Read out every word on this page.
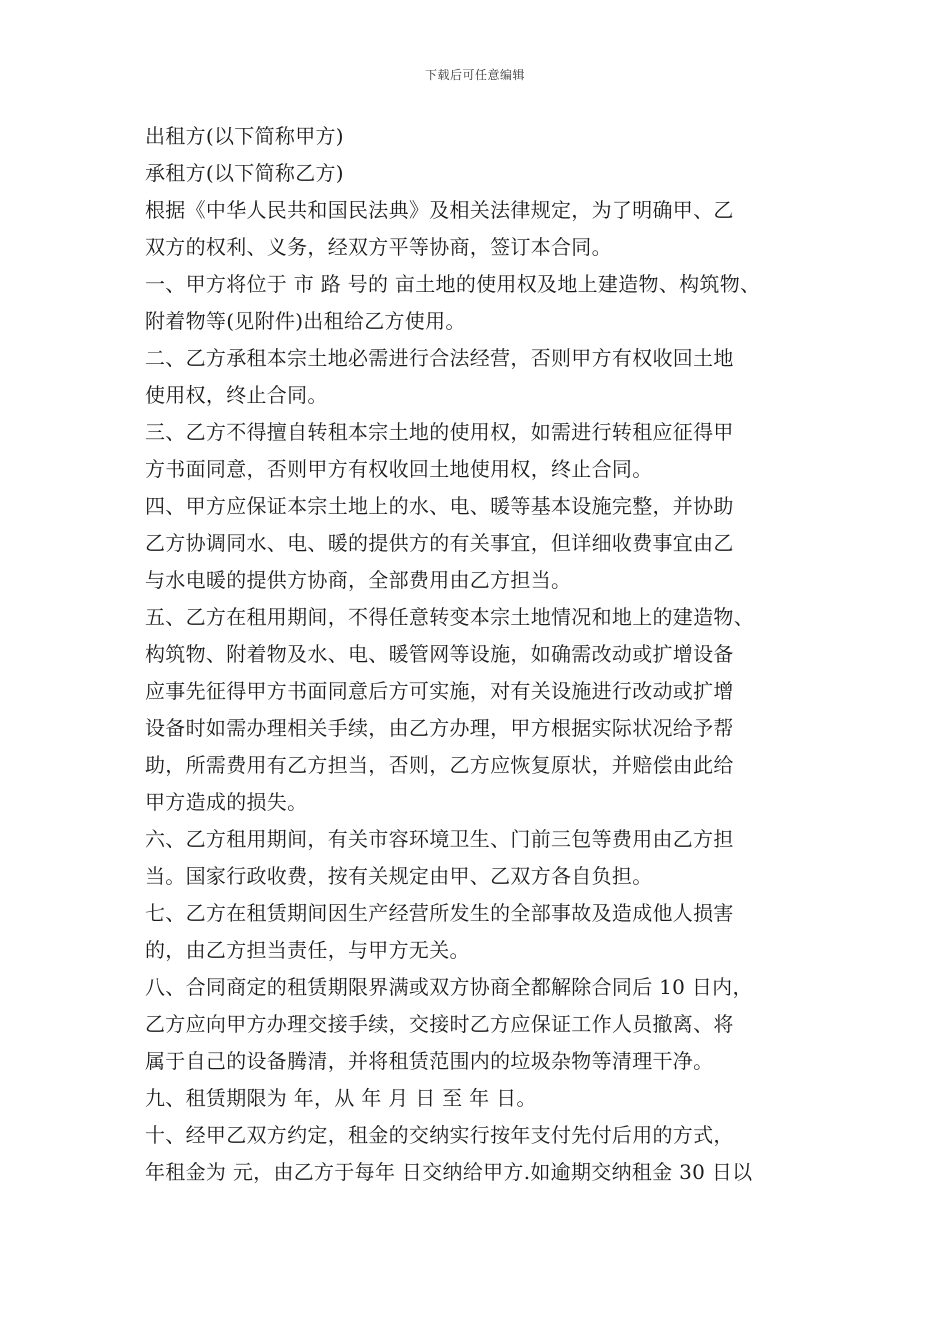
下载后可任意编辑
出租方(以下简称甲方)
承租方(以下简称乙方)
根据《中华人民共和国民法典》及相关法律规定，为了明确甲、乙
双方的权利、义务，经双方平等协商，签订本合同。
一、甲方将位于 市 路 号的 亩土地的使用权及地上建造物、构筑物、
附着物等(见附件)出租给乙方使用。
二、乙方承租本宗土地必需进行合法经营，否则甲方有权收回土地
使用权，终止合同。
三、乙方不得擅自转租本宗土地的使用权，如需进行转租应征得甲
方书面同意，否则甲方有权收回土地使用权，终止合同。
四、甲方应保证本宗土地上的水、电、暖等基本设施完整，并协助
乙方协调同水、电、暖的提供方的有关事宜，但详细收费事宜由乙
与水电暖的提供方协商，全部费用由乙方担当。
五、乙方在租用期间，不得任意转变本宗土地情况和地上的建造物、
构筑物、附着物及水、电、暖管网等设施，如确需改动或扩增设备
应事先征得甲方书面同意后方可实施，对有关设施进行改动或扩增
设备时如需办理相关手续，由乙方办理，甲方根据实际状况给予帮
助，所需费用有乙方担当，否则，乙方应恢复原状，并赔偿由此给
甲方造成的损失。
六、乙方租用期间，有关市容环境卫生、门前三包等费用由乙方担
当。国家行政收费，按有关规定由甲、乙双方各自负担。
七、乙方在租赁期间因生产经营所发生的全部事故及造成他人损害
的，由乙方担当责任，与甲方无关。
八、合同商定的租赁期限界满或双方协商全都解除合同后 10 日内，
乙方应向甲方办理交接手续，交接时乙方应保证工作人员撤离、将
属于自己的设备腾清，并将租赁范围内的垃圾杂物等清理干净。
九、租赁期限为 年，从 年 月 日 至 年 日。
十、经甲乙双方约定，租金的交纳实行按年支付先付后用的方式，
年租金为 元，由乙方于每年 日交纳给甲方.如逾期交纳租金 30 日以
